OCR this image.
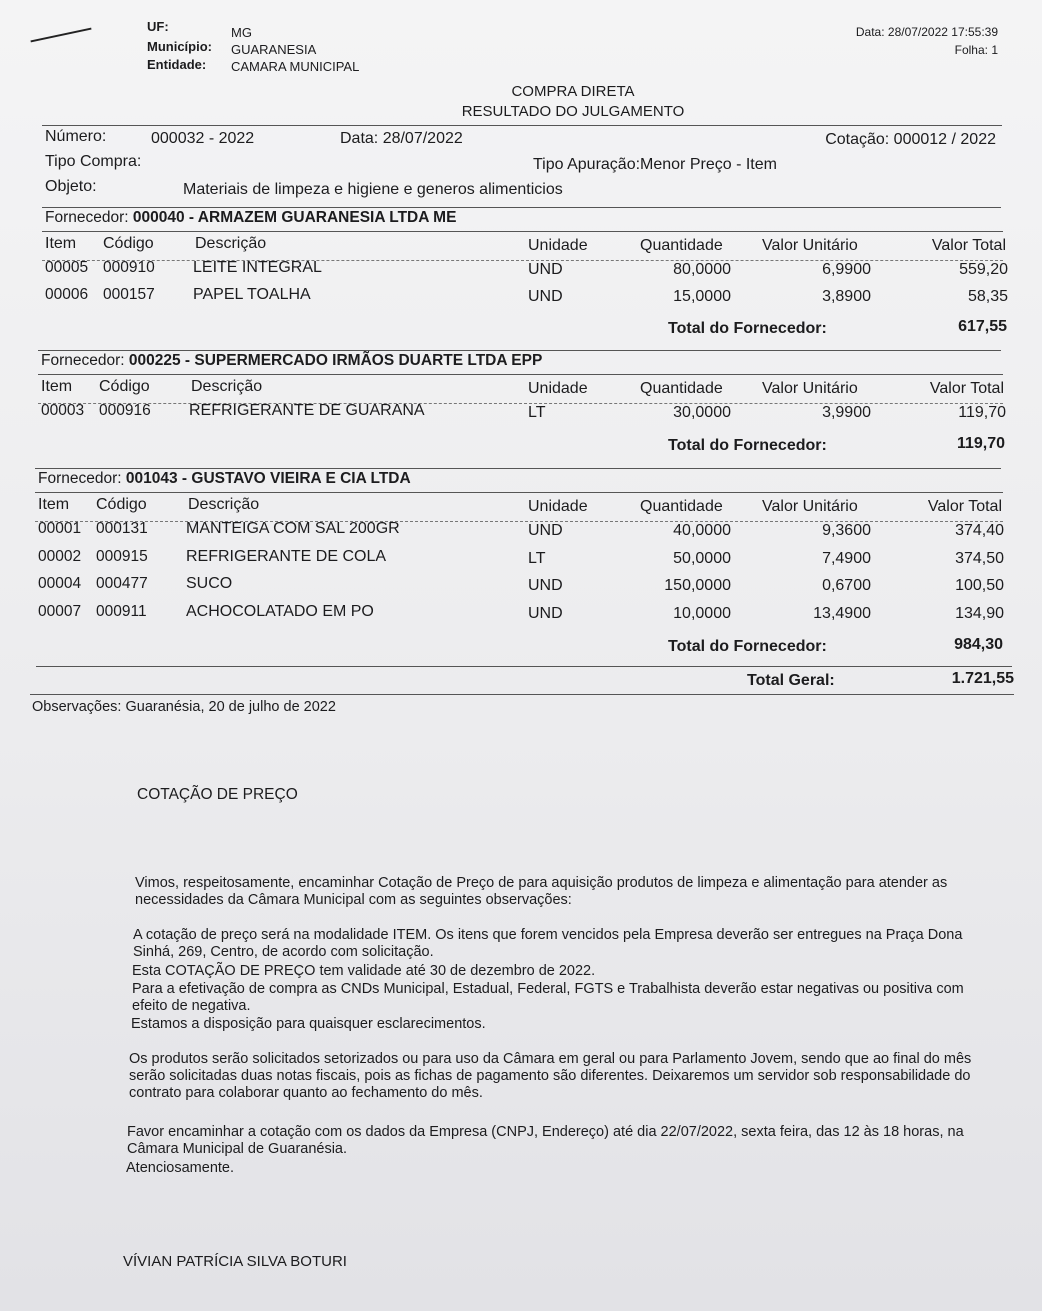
UF:	MG
Município: GUARANESIA
Entidade: CAMARA MUNICIPAL
Data: 28/07/2022 17:55:39
Folha: 1
COMPRA DIRETA
RESULTADO DO JULGAMENTO
Número:	000032 - 2022	Data: 28/07/2022	Cotação: 000012 / 2022
Tipo Compra:	Tipo Apuração:Menor Preço - Item
Objeto:	Materiais de limpeza e higiene e generos alimenticios
Fornecedor: 000040 - ARMAZEM GUARANESIA LTDA ME
Item Código	Descrição	Unidade	Quantidade Valor Unitário	Valor Total
00005 000910 LEITE INTEGRAL	UND	80,0000	6,9900	559,20
00006 000157 PAPEL TOALHA	UND	15,0000	3,8900	58,35
Total do Fornecedor:	617,55
Fornecedor: 000225 - SUPERMERCADO IRMÃOS DUARTE LTDA EPP
Item Código	Descrição	Unidade	Quantidade Valor Unitário	Valor Total
00003 000916 REFRIGERANTE DE GUARANA	LT	30,0000	3,9900	119,70
Total do Fornecedor:	119,70
Fornecedor: 001043 - GUSTAVO VIEIRA E CIA LTDA
Item Código	Descrição	Unidade	Quantidade Valor Unitário	Valor Total
00001 000131 MANTEIGA COM SAL 200GR	UND	40,0000	9,3600	374,40
00002 000915 REFRIGERANTE DE COLA	LT	50,0000	7,4900	374,50
00004 000477 SUCO	UND	150,0000	0,6700	100,50
00007 000911 ACHOCOLATADO EM PO	UND	10,0000	13,4900	134,90
Total do Fornecedor:	984,30
Total Geral:	1.721,55
Observações: Guaranésia, 20 de julho de 2022
COTAÇÃO DE PREÇO
Vimos, respeitosamente, encaminhar Cotação de Preço de para aquisição produtos de limpeza e alimentação para atender as necessidades da Câmara Municipal com as seguintes observações:
A cotação de preço será na modalidade ITEM. Os itens que forem vencidos pela Empresa deverão ser entregues na Praça Dona Sinhá, 269, Centro, de acordo com solicitação.
Esta COTAÇÃO DE PREÇO tem validade até 30 de dezembro de 2022.
Para a efetivação de compra as CNDs Municipal, Estadual, Federal, FGTS e Trabalhista deverão estar negativas ou positiva com efeito de negativa.
Estamos a disposição para quaisquer esclarecimentos.
Os produtos serão solicitados setorizados ou para uso da Câmara em geral ou para Parlamento Jovem, sendo que ao final do mês serão solicitadas duas notas fiscais, pois as fichas de pagamento são diferentes. Deixaremos um servidor sob responsabilidade do contrato para colaborar quanto ao fechamento do mês.
Favor encaminhar a cotação com os dados da Empresa (CNPJ, Endereço) até dia 22/07/2022, sexta feira, das 12 às 18 horas, na Câmara Municipal de Guaranésia.
Atenciosamente.
VÍVIAN PATRÍCIA SILVA BOTURI
